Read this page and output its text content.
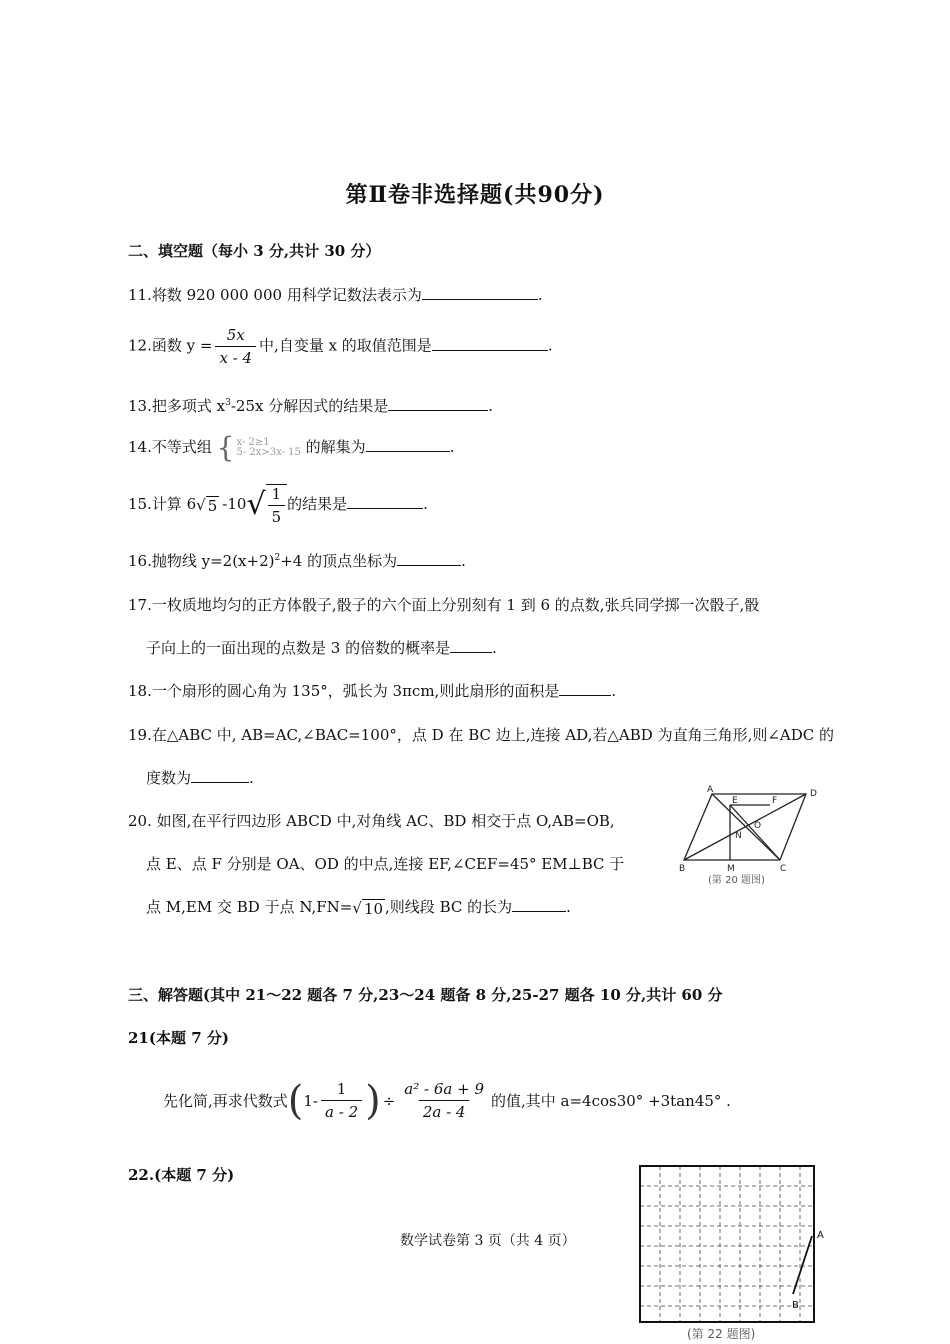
第Ⅱ卷非选择题(共90分)
二、填空题（每小 3 分,共计 30 分）
11.将数 920 000 000 用科学记数法表示为	.
12.函数 $y = \frac{5x}{x - 4}$ 中,自变量 x 的取值范围是	.
13.把多项式 $x^3-25x$ 分解因式的结果是	.
14.不等式组 { x- 2≥1
5- 2x>3x- 15 的解集为	.
15.计算 6√ 5 -10 √ $\frac{1}{5}$ 的结果是	.
16.抛物线 $y=2(x+2)^2+4$ 的顶点坐标为	.
17.一枚质地均匀的正方体骰子,骰子的六个面上分别刻有 1 到 6 的点数,张兵同学掷一次骰子,骰
子向上的一面出现的点数是 3 的倍数的概率是	.
18.一个扇形的圆心角为 135°，弧长为 3πcm,则此扇形的面积是	.
19.在△ABC 中, AB=AC,∠BAC=100°，点 D 在 BC 边上,连接 AD,若△ABD 为直角三角形,则∠ADC 的
度数为	.
20. 如图,在平行四边形 ABCD 中,对角线 AC、BD 相交于点 O,AB=OB,
点 E、点 F 分别是 OA、OD 的中点,连接 EF,∠CEF=45° EM⊥BC 于
点 M,EM 交 BD 于点 N,FN=√ 10 ,则线段 BC 的长为	.
A
E	F
D
O
N
B	M	C
(第 20 题图)
三、解答题(其中 21～22 题各 7 分,23～24 题备 8 分,25-27 题各 10 分,共计 60 分
21(本题 7 分)
先化简,再求代数式 ( $1- \frac{1}{a - 2}$ ) ÷ $\frac{\text{a² - 6a + 9}}{2a - 4}$ 的值,其中 a=4cos30° +3tan45° .
22.(本题 7 分)
A
B
(第 22 题图)
数学试卷第 3 页（共 4 页）
